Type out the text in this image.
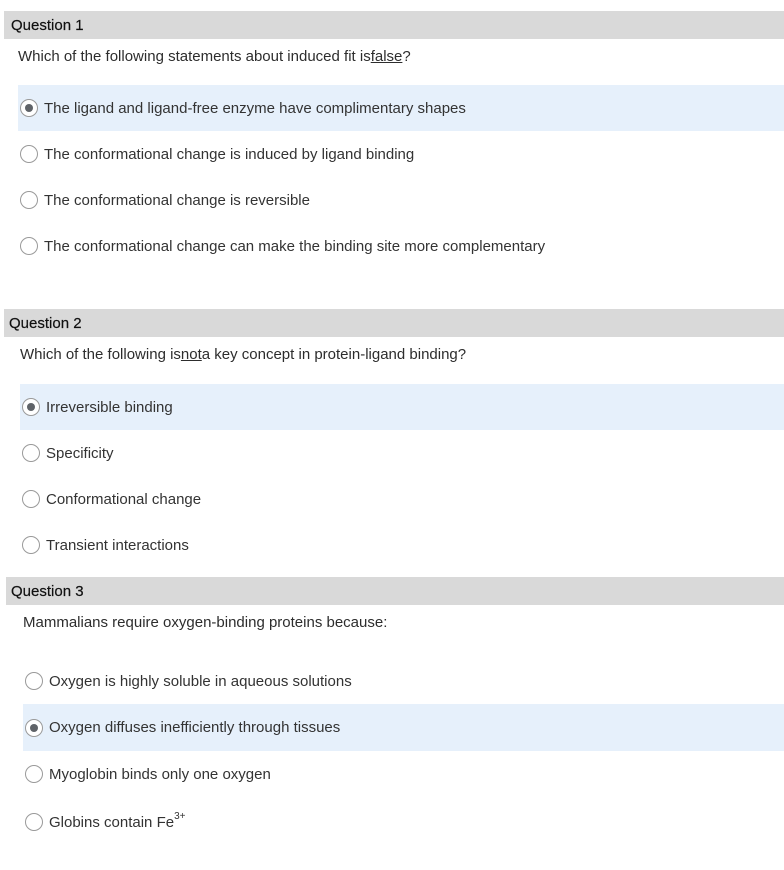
Question 1
Which of the following statements about induced fit is false ?
The ligand and ligand-free enzyme have complimentary shapes
The conformational change is induced by ligand binding
The conformational change is reversible
The conformational change can make the binding site more complementary
Question 2
Which of the following is not a key concept in protein-ligand binding?
Irreversible binding
Specificity
Conformational change
Transient interactions
Question 3
Mammalians require oxygen-binding proteins because:
Oxygen is highly soluble in aqueous solutions
Oxygen diffuses inefficiently through tissues
Myoglobin binds only one oxygen
Globins contain $Fe^{3+}$
